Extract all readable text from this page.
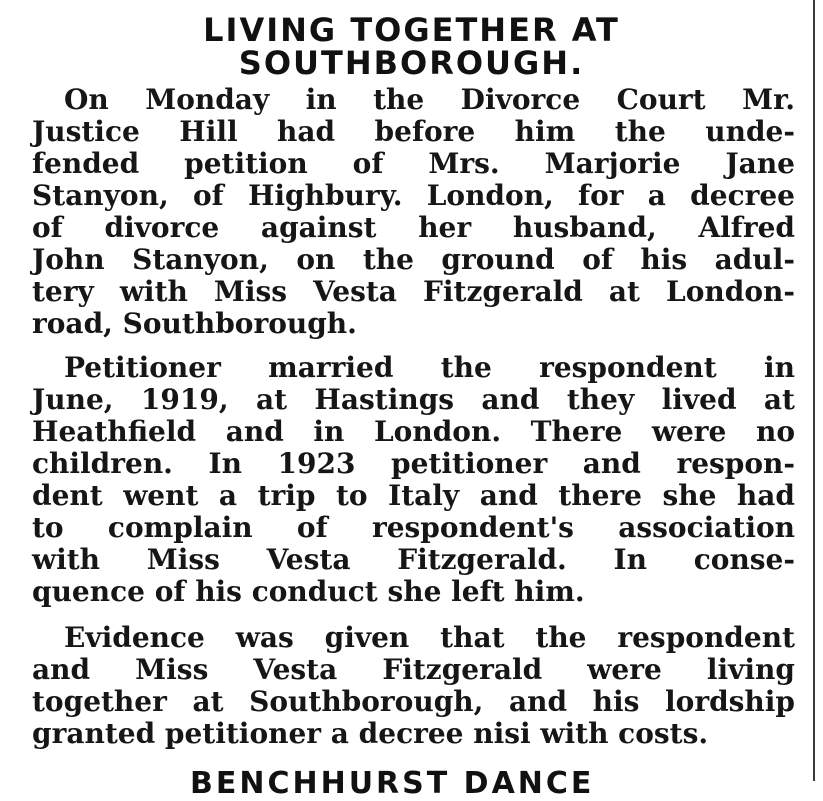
LIVING TOGETHER AT
SOUTHBOROUGH.
On Monday in the Divorce Court Mr.
Justice Hill had before him the unde-
fended petition of Mrs. Marjorie Jane
Stanyon, of Highbury. London, for a decree
of divorce against her husband, Alfred
John Stanyon, on the ground of his adul-
tery with Miss Vesta Fitzgerald at London-
road, Southborough.
Petitioner married the respondent in
June, 1919, at Hastings and they lived at
Heathfield and in London. There were no
children. In 1923 petitioner and respon-
dent went a trip to Italy and there she had
to complain of respondent's association
with Miss Vesta Fitzgerald. In conse-
quence of his conduct she left him.
Evidence was given that the respondent
and Miss Vesta Fitzgerald were living
together at Southborough, and his lordship
granted petitioner a decree nisi with costs.
BENCHHURST DANCE
